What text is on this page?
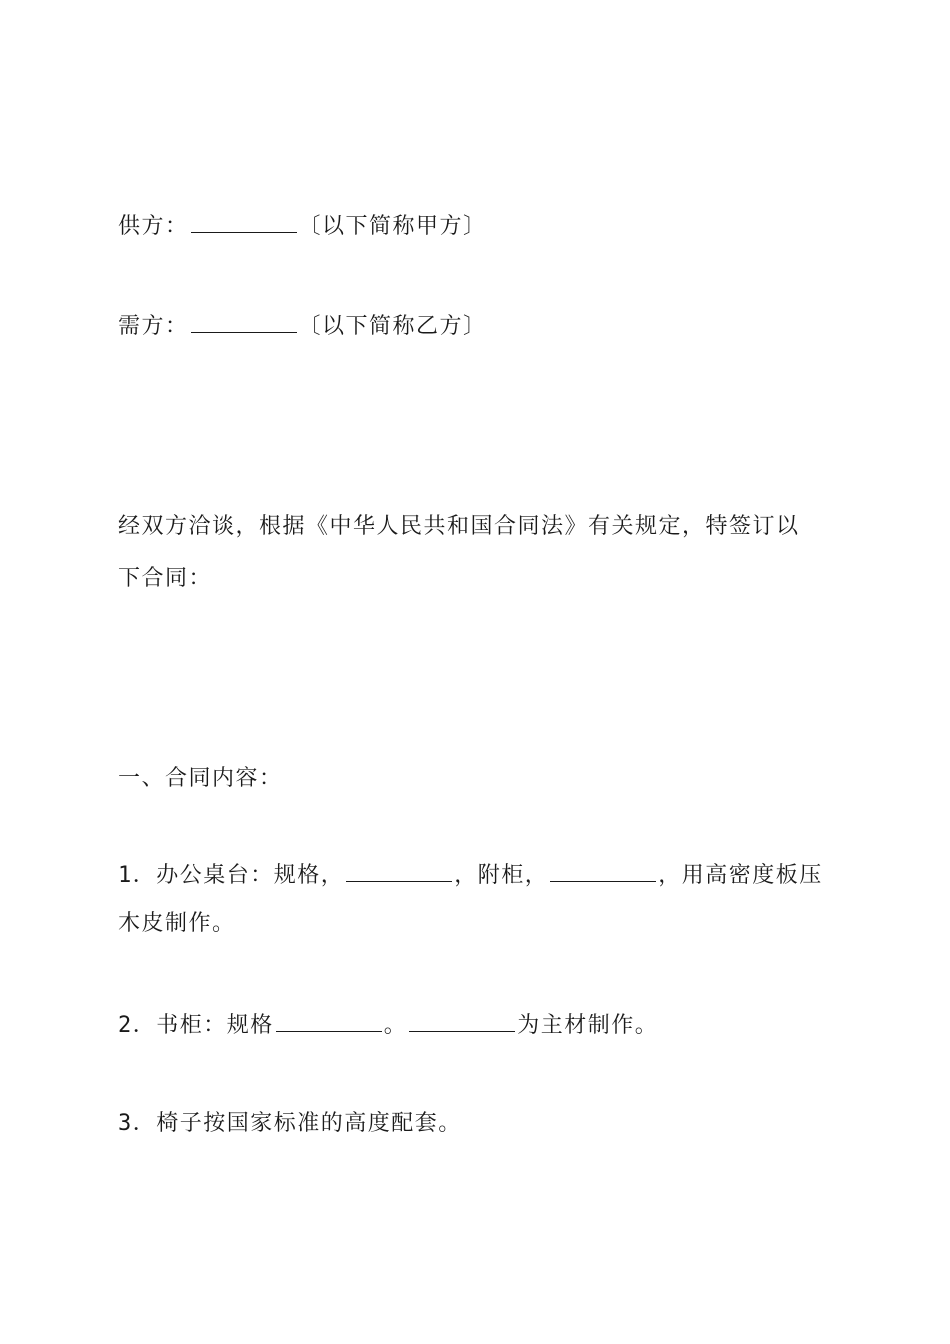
供方：	〔以下简称甲方〕
需方：	〔以下简称乙方〕
经双方洽谈，根据《中华人民共和国合同法》有关规定，特签订以
下合同：
一、合同内容：
1．办公桌台：规格，	，附柜，	，用高密度板压
木皮制作。
2．书柜：规格	。	为主材制作。
3．椅子按国家标准的高度配套。
